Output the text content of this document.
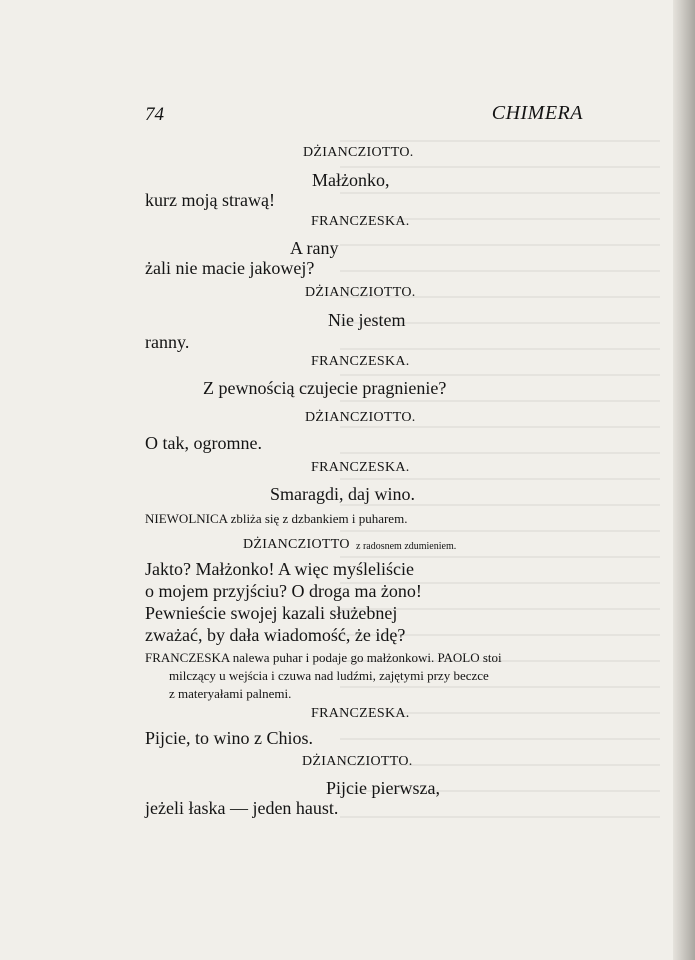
74	CHIMERA
DŻIANCZIOTTO.
Małżonko,
kurz moją strawą!
FRANCZESKA.
A rany
żali nie macie jakowej?
DŻIANCZIOTTO.
Nie jestem
ranny.
FRANCZESKA.
Z pewnością czujecie pragnienie?
DŻIANCZIOTTO.
O tak, ogromne.
FRANCZESKA.
Smaragdi, daj wino.
NIEWOLNICA zbliża się z dzbankiem i puharem.
DŻIANCZIOTTO z radosnem zdumieniem.
Jakto? Małżonko! A więc myśleliście
o mojem przyjściu? O droga ma żono!
Pewnieście swojej kazali służebnej
zważać, by dała wiadomość, że idę?
FRANCZESKA nalewa puhar i podaje go małżonkowi. PAOLO stoi
milczący u wejścia i czuwa nad ludźmi, zajętymi przy beczce
z materyałami palnemi.
FRANCZESKA.
Pijcie, to wino z Chios.
DŻIANCZIOTTO.
Pijcie pierwsza,
jeżeli łaska — jeden haust.
